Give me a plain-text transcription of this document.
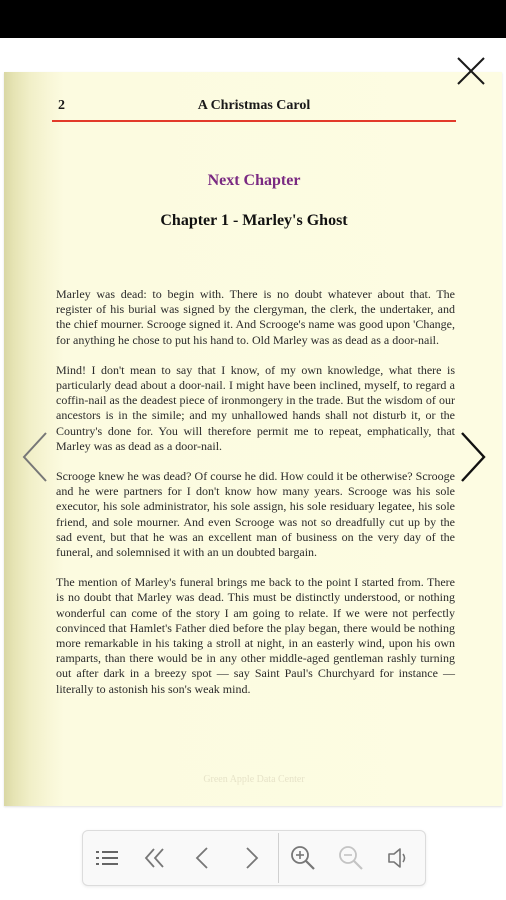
2	A Christmas Carol
Next Chapter
Chapter 1 - Marley's Ghost

Marley was dead: to begin with. There is no doubt whatever about that. The register of his burial was signed by the clergyman, the clerk, the undertaker, and the chief mourner. Scrooge signed it. And Scrooge's name was good upon 'Change, for anything he chose to put his hand to. Old Marley was as dead as a door-nail.

Mind! I don't mean to say that I know, of my own knowledge, what there is particularly dead about a door-nail. I might have been inclined, myself, to regard a coffin-nail as the deadest piece of ironmongery in the trade. But the wisdom of our ancestors is in the simile; and my unhallowed hands shall not disturb it, or the Country's done for. You will therefore permit me to repeat, emphatically, that Marley was as dead as a door-nail.

Scrooge knew he was dead? Of course he did. How could it be otherwise? Scrooge and he were partners for I don't know how many years. Scrooge was his sole executor, his sole administrator, his sole assign, his sole residuary legatee, his sole friend, and sole mourner. And even Scrooge was not so dreadfully cut up by the sad event, but that he was an excellent man of business on the very day of the funeral, and solemnised it with an un doubted bargain.

The mention of Marley's funeral brings me back to the point I started from. There is no doubt that Marley was dead. This must be distinctly understood, or nothing wonderful can come of the story I am going to relate. If we were not perfectly convinced that Hamlet's Father died before the play began, there would be nothing more remarkable in his taking a stroll at night, in an easterly wind, upon his own ramparts, than there would be in any other middle-aged gentleman rashly turning out after dark in a breezy spot — say Saint Paul's Churchyard for instance — literally to astonish his son's weak mind.

Green Apple Data Center
